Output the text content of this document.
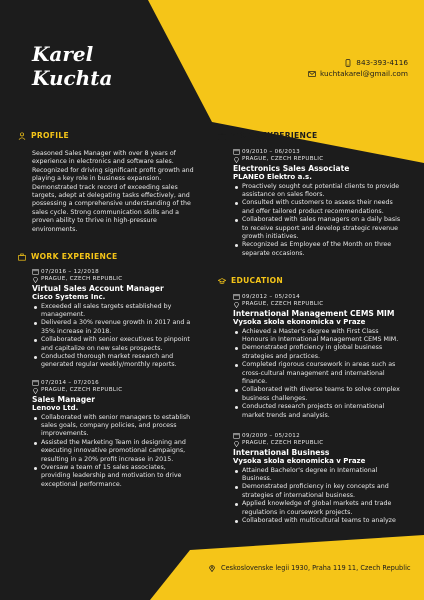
Karel
Kuchta
843-393-4116
kuchtakarel@gmail.com
PROFILE
Seasoned Sales Manager with over 8 years of experience in electronics and software sales. Recognized for driving significant profit growth and playing a key role in business expansion. Demonstrated track record of exceeding sales targets, adept at delegating tasks effectively, and possessing a comprehensive understanding of the sales cycle. Strong communication skills and a proven ability to thrive in high-pressure environments.
WORK EXPERIENCE
07/2016 – 12/2018
PRAGUE, CZECH REPUBLIC
Virtual Sales Account Manager
Cisco Systems Inc.
Exceeded all sales targets established by management.
Delivered a 30% revenue growth in 2017 and a 35% increase in 2018.
Collaborated with senior executives to pinpoint and capitalize on new sales prospects.
Conducted thorough market research and generated regular weekly/monthly reports.
07/2014 – 07/2016
PRAGUE, CZECH REPUBLIC
Sales Manager
Lenovo Ltd.
Collaborated with senior managers to establish sales goals, company policies, and process improvements.
Assisted the Marketing Team in designing and executing innovative promotional campaigns, resulting in a 20% profit increase in 2015.
Oversaw a team of 15 sales associates, providing leadership and motivation to drive exceptional performance.
WORK EXPERIENCE
09/2010 – 06/2013
PRAGUE, CZECH REPUBLIC
Electronics Sales Associate
PLANEO Elektro a.s.
Proactively sought out potential clients to provide assistance on sales floors.
Consulted with customers to assess their needs and offer tailored product recommendations.
Collaborated with sales managers on a daily basis to receive support and develop strategic revenue growth initiatives.
Recognized as Employee of the Month on three separate occasions.
EDUCATION
09/2012 – 05/2014
PRAGUE, CZECH REPUBLIC
International Management CEMS MIM
Vysoka skola ekonomicka v Praze
Achieved a Master's degree with First Class Honours in International Management CEMS MIM.
Demonstrated proficiency in global business strategies and practices.
Completed rigorous coursework in areas such as cross-cultural management and international finance.
Collaborated with diverse teams to solve complex business challenges.
Conducted research projects on international market trends and analysis.
09/2009 – 05/2012
PRAGUE, CZECH REPUBLIC
International Business
Vysoka skola ekonomicka v Praze
Attained Bachelor's degree in International Business.
Demonstrated proficiency in key concepts and strategies of international business.
Applied knowledge of global markets and trade regulations in coursework projects.
Collaborated with multicultural teams to analyze
Ceskoslovenske legii 1930, Praha 119 11, Czech Republic
